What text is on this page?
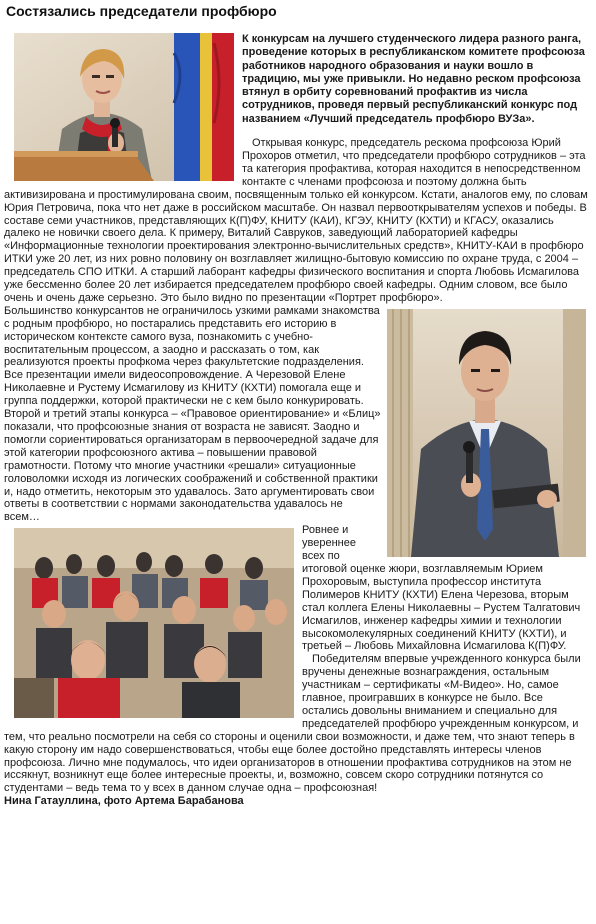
Состязались председатели профбюро

К конкурсам на лучшего студенческого лидера разного ранга, проведение которых в республиканском комитете профсоюза работников народного образования и науки вошло в традицию, мы уже привыкли. Но недавно реском профсоюза втянул в орбиту соревнований профактив из числа сотрудников, проведя первый республиканский конкурс под названием «Лучший председатель профбюро ВУЗа».

Открывая конкурс, председатель рескома профсоюза Юрий Прохоров отметил, что председатели профбюро сотрудников – эта та категория профактива, которая находится в непосредственном контакте с членами профсоюза и поэтому должна быть активизирована и простимулирована своим, посвященным только ей конкурсом. Кстати, аналогов ему, по словам Юрия Петровича, пока что нет даже в российском масштабе. Он назвал первооткрывателям успехов и победы. В составе семи участников, представляющих К(П)ФУ, КНИТУ (КАИ), КГЭУ, КНИТУ (КХТИ) и КГАСУ, оказались далеко не новички своего дела. К примеру, Виталий Савруков, заведующий лабораторией кафедры «Информационные технологии проектирования электронно-вычислительных средств», КНИТУ-КАИ в профбюро ИТКИ уже 20 лет, из них ровно половину он возглавляет жилищно-бытовую комиссию по охране труда, с 2004 – председатель СПО ИТКИ. А старший лаборант кафедры физического воспитания и спорта Любовь Исмагилова уже бессменно более 20 лет избирается председателем профбюро своей кафедры. Одним словом, все было очень и очень даже серьезно. Это было видно по презентации «Портрет профбюро».

Большинство конкурсантов не ограничилось узкими рамками знакомства с родным профбюро, но постарались представить его историю в историческом контексте самого вуза, познакомить с учебно-воспитательным процессом, а заодно и рассказать о том, как реализуются проекты профкома через факультетские подразделения. Все презентации имели видеосопровождение. А Черезовой Елене Николаевне и Рустему Исмагилову из КНИТУ (КХТИ) помогала еще и группа поддержки, которой практически не с кем было конкурировать.

Второй и третий этапы конкурса – «Правовое ориентирование» и «Блиц» показали, что профсоюзные знания от возраста не зависят. Заодно и помогли сориентироваться организаторам в первоочередной задаче для этой категории профсоюзного актива – повышении правовой грамотности. Потому что многие участники «решали» ситуационные головоломки исходя из логических соображений и собственной практики и, надо отметить, некоторым это удавалось. Зато аргументировать свои ответы в соответствии с нормами законодательства удавалось не всем…

Ровнее и увереннее всех по итоговой оценке жюри, возглавляемым Юрием Прохоровым, выступила профессор института Полимеров КНИТУ (КХТИ) Елена Черезова, вторым стал коллега Елены Николаевны – Рустем Талгатович Исмагилов, инженер кафедры химии и технологии высокомолекулярных соединений КНИТУ (КХТИ), и третьей – Любовь Михайловна Исмагилова К(П)ФУ.

Победителям впервые учрежденного конкурса были вручены денежные вознаграждения, остальным участникам – сертификаты «М-Видео». Но, самое главное, проигравших в конкурсе не было. Все остались довольны вниманием и специально для председателей профбюро учрежденным конкурсом, и тем, что реально посмотрели на себя со стороны и оценили свои возможности, и даже тем, что знают теперь в какую сторону им надо совершенствоваться, чтобы еще более достойно представлять интересы членов профсоюза. Лично мне подумалось, что идеи организаторов в отношении профактива сотрудников на этом не иссякнут, возникнут еще более интересные проекты, и, возможно, совсем скоро сотрудники потянутся со студентами – ведь тема то у всех в данном случае одна – профсоюзная!

Нина Гатауллина, фото Артема Барабанова
